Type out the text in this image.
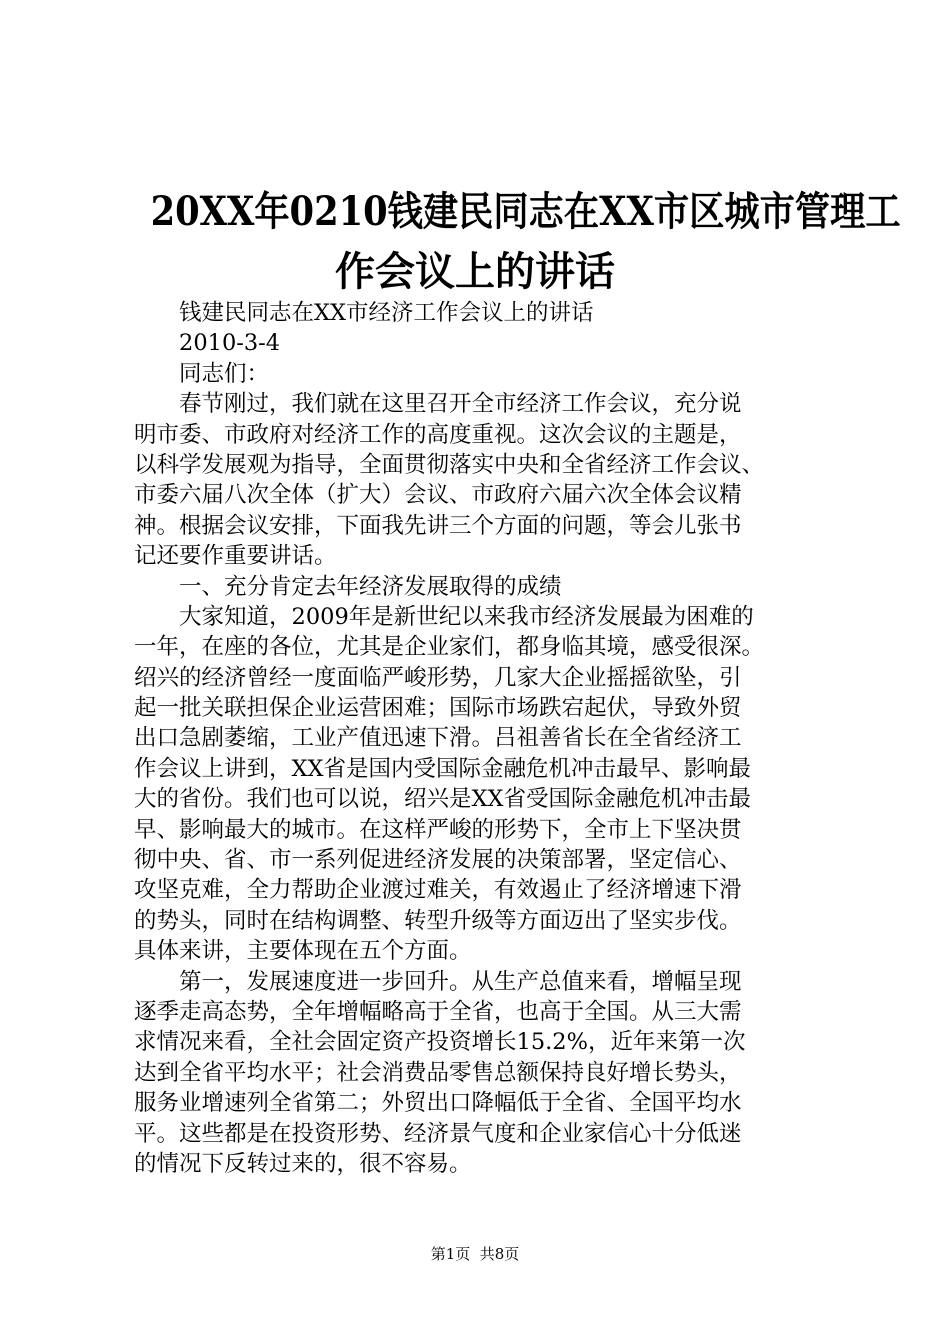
20XX年0210钱建民同志在XX市区城市管理工
作会议上的讲话
钱建民同志在XX市经济工作会议上的讲话
2010-3-4
同志们：
春节刚过，我们就在这里召开全市经济工作会议，充分说
明市委、市政府对经济工作的高度重视。这次会议的主题是，
以科学发展观为指导，全面贯彻落实中央和全省经济工作会议、
市委六届八次全体（扩大）会议、市政府六届六次全体会议精
神。根据会议安排，下面我先讲三个方面的问题，等会儿张书
记还要作重要讲话。
一、充分肯定去年经济发展取得的成绩
大家知道，2009年是新世纪以来我市经济发展最为困难的
一年，在座的各位，尤其是企业家们，都身临其境，感受很深。
绍兴的经济曾经一度面临严峻形势，几家大企业摇摇欲坠，引
起一批关联担保企业运营困难；国际市场跌宕起伏，导致外贸
出口急剧萎缩，工业产值迅速下滑。吕祖善省长在全省经济工
作会议上讲到，XX省是国内受国际金融危机冲击最早、影响最
大的省份。我们也可以说，绍兴是XX省受国际金融危机冲击最
早、影响最大的城市。在这样严峻的形势下，全市上下坚决贯
彻中央、省、市一系列促进经济发展的决策部署，坚定信心、
攻坚克难，全力帮助企业渡过难关，有效遏止了经济增速下滑
的势头，同时在结构调整、转型升级等方面迈出了坚实步伐。
具体来讲，主要体现在五个方面。
第一，发展速度进一步回升。从生产总值来看，增幅呈现
逐季走高态势，全年增幅略高于全省，也高于全国。从三大需
求情况来看，全社会固定资产投资增长15.2%，近年来第一次
达到全省平均水平；社会消费品零售总额保持良好增长势头，
服务业增速列全省第二；外贸出口降幅低于全省、全国平均水
平。这些都是在投资形势、经济景气度和企业家信心十分低迷
的情况下反转过来的，很不容易。
第1页  共8页
